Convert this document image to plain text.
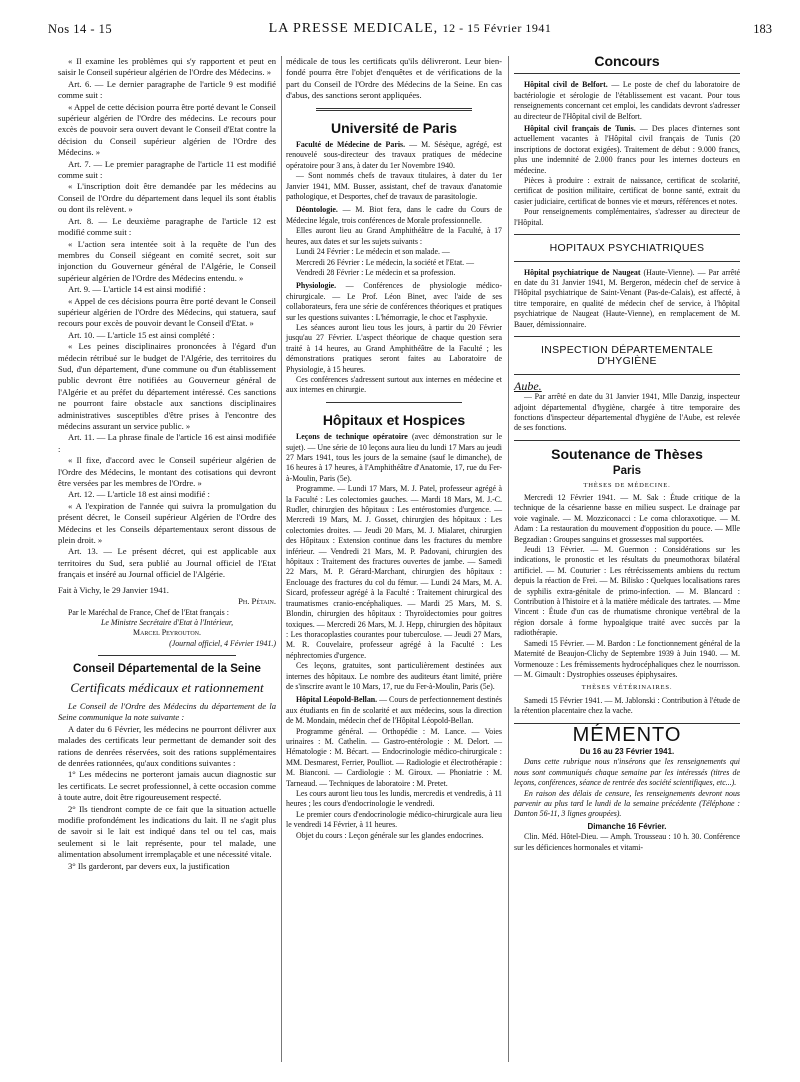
Nos 14 - 15	LA PRESSE MEDICALE, 12 - 15 Février 1941	183

« Il examine les problèmes qui s'y rapportent et peut en saisir le Conseil supérieur algérien de l'Ordre des Médecins. »

Art. 6. — Le dernier paragraphe de l'article 9 est modifié comme suit :

« Appel de cette décision pourra être porté devant le Conseil supérieur algérien de l'Ordre des médecins. Le recours pour excès de pouvoir sera ouvert devant le Conseil d'Etat contre la décision du Conseil supérieur algérien de l'Ordre des Médecins. »

Art. 7. — Le premier paragraphe de l'article 11 est modifié comme suit :

« L'inscription doit être demandée par les médecins au Conseil de l'Ordre du département dans lequel ils sont établis ou dont ils relèvent. »

Art. 8. — Le deuxième paragraphe de l'article 12 est modifié comme suit :

« L'action sera intentée soit à la requête de l'un des membres du Conseil siégeant en comité secret, soit sur injonction du Gouverneur général de l'Algérie, le Conseil supérieur algérien de l'Ordre des Médecins entendu. »

Art. 9. — L'article 14 est ainsi modifié :

« Appel de ces décisions pourra être porté devant le Conseil supérieur algérien de l'Ordre des Médecins, qui statuera, sauf recours pour excès de pouvoir devant le Conseil d'Etat. »

Art. 10. — L'article 15 est ainsi complété :

« Les peines disciplinaires prononcées à l'égard d'un médecin rétribué sur le budget de l'Algérie, des territoires du Sud, d'un département, d'une commune ou d'un établissement public devront être notifiées au Gouverneur général de l'Algérie et au préfet du département intéressé. Ces sanctions ne pourront faire obstacle aux sanctions disciplinaires administratives susceptibles d'être prises à l'encontre des médecins assurant un service public. »

Art. 11. — La phrase finale de l'article 16 est ainsi modifiée :

« Il fixe, d'accord avec le Conseil supérieur algérien de l'Ordre des Médecins, le montant des cotisations qui devront être versées par les membres de l'Ordre. »

Art. 12. — L'article 18 est ainsi modifié :

« A l'expiration de l'année qui suivra la promulgation du présent décret, le Conseil supérieur Algérien de l'Ordre des Médecins et les Conseils départementaux seront dissous de plein droit. »

Art. 13. — Le présent décret, qui est applicable aux territoires du Sud, sera publié au Journal officiel de l'Etat français et inséré au Journal officiel de l'Algérie.

Fait à Vichy, le 29 Janvier 1941.

Ph. Pétain.

Par le Maréchal de France, Chef de l'Etat français :

Le Ministre Secrétaire d'Etat à l'Intérieur,

Marcel Peyrouton.

(Journal officiel, 4 Février 1941.)

Conseil Départemental de la Seine
Certificats médicaux et rationnement

Le Conseil de l'Ordre des Médecins du département de la Seine communique la note suivante :

A dater du 6 Février, les médecins ne pourront délivrer aux malades des certificats leur permettant de demander soit des rations de denrées réservées, soit des rations supplémentaires de denrées rationnées, qu'aux conditions suivantes :

1° Les médecins ne porteront jamais aucun diagnostic sur les certificats. Le secret professionnel, à cette occasion comme à toute autre, doit être rigoureusement respecté.

2° Ils tiendront compte de ce fait que la situation actuelle modifie profondément les indications du lait. Il ne s'agit plus de savoir si le lait est indiqué dans tel ou tel cas, mais seulement si le lait représente, pour tel malade, une alimentation absolument irremplaçable et une nécessité vitale.

3° Ils garderont, par devers eux, la justification

médicale de tous les certificats qu'ils délivreront. Leur bien-fondé pourra être l'objet d'enquêtes et de vérifications de la part du Conseil de l'Ordre des Médecins de la Seine. En cas d'abus, des sanctions seront appliquées.

Université de Paris

Faculté de Médecine de Paris. — M. Sésèque, agrégé, est renouvelé sous-directeur des travaux pratiques de médecine opératoire pour 3 ans, à dater du 1er Novembre 1940.

— Sont nommés chefs de travaux titulaires, à dater du 1er Janvier 1941, MM. Busser, assistant, chef de travaux d'anatomie pathologique, et Desportes, chef de travaux de parasitologie.

Déontologie. — M. Biot fera, dans le cadre du Cours de Médecine légale, trois conférences de Morale professionnelle.

Elles auront lieu au Grand Amphithéâtre de la Faculté, à 17 heures, aux dates et sur les sujets suivants :

Lundi 24 Février : Le médecin et son malade. —

Mercredi 26 Février : Le médecin, la société et l'Etat. —

Vendredi 28 Février : Le médecin et sa profession.

Physiologie. — Conférences de physiologie médico-chirurgicale. — Le Prof. Léon Binet, avec l'aide de ses collaborateurs, fera une série de conférences théoriques et pratiques sur les questions suivantes : L'hémorragie, le choc et l'asphyxie.

Les séances auront lieu tous les jours, à partir du 20 Février jusqu'au 27 Février. L'aspect théorique de chaque question sera traité à 14 heures, au Grand Amphithéâtre de la Faculté ; les démonstrations pratiques seront faites au Laboratoire de Physiologie, à 15 heures.

Ces conférences s'adressent surtout aux internes en médecine et aux internes en chirurgie.

Hôpitaux et Hospices

Leçons de technique opératoire (avec démonstration sur le sujet). — Une série de 10 leçons aura lieu du lundi 17 Mars au jeudi 27 Mars 1941, tous les jours de la semaine (sauf le dimanche), de 16 heures à 17 heures, à l'Amphithéâtre d'Anatomie, 17, rue du Fer-à-Moulin, Paris (5e).

Programme. — Lundi 17 Mars, M. J. Patel, professeur agrégé à la Faculté : Les colectomies gauches. — Mardi 18 Mars, M. J.-C. Rudler, chirurgien des hôpitaux : Les entérostomies d'urgence. — Mercredi 19 Mars, M. J. Gosset, chirurgien des hôpitaux : Les colectomies droites. — Jeudi 20 Mars, M. J. Mialaret, chirurgien des Hôpitaux : Extension continue dans les fractures du membre inférieur. — Vendredi 21 Mars, M. P. Padovani, chirurgien des hôpitaux : Traitement des fractures ouvertes de jambe. — Samedi 22 Mars, M. P. Gérard-Marchant, chirurgien des hôpitaux : Enclouage des fractures du col du fémur. — Lundi 24 Mars, M. A. Sicard, professeur agrégé à la Faculté : Traitement chirurgical des traumatismes cranio-encéphaliques. — Mardi 25 Mars, M. S. Blondin, chirurgien des hôpitaux : Thyroïdectomies pour goitres toxiques. — Mercredi 26 Mars, M. J. Hepp, chirurgien des hôpitaux : Les thoracoplasties courantes pour tuberculose. — Jeudi 27 Mars, M. R. Couvelaire, professeur agrégé à la Faculté : Les néphrectomies d'urgence.

Ces leçons, gratuites, sont particulièrement destinées aux internes des hôpitaux. Le nombre des auditeurs étant limité, prière de s'inscrire avant le 10 Mars, 17, rue du Fer-à-Moulin, Paris (5e).

Hôpital Léopold-Bellan. — Cours de perfectionnement destinés aux étudiants en fin de scolarité et aux médecins, sous la direction de M. Mondain, médecin chef de l'Hôpital Léopold-Bellan.

Programme général. — Orthopédie : M. Lance. — Voies urinaires : M. Cathelin. — Gastro-entérologie : M. Delort. — Hématologie : M. Bécart. — Endocrinologie médico-chirurgicale : MM. Desmarest, Ferrier, Poulliot. — Radiologie et électrothérapie : M. Bianconi. — Cardiologie : M. Giroux. — Phoniatrie : M. Tarneaud. — Techniques de laboratoire : M. Pretet.

Les cours auront lieu tous les lundis, mercredis et vendredis, à 11 heures ; les cours d'endocrinologie le vendredi.

Le premier cours d'endocrinologie médico-chirurgicale aura lieu le vendredi 14 Février, à 11 heures.

Objet du cours : Leçon générale sur les glandes endocrines.

Concours

Hôpital civil de Belfort. — Le poste de chef du laboratoire de bactériologie et sérologie de l'établissement est vacant. Pour tous renseignements concernant cet emploi, les candidats devront s'adresser au directeur de l'Hôpital civil de Belfort.

Hôpital civil français de Tunis. — Des places d'internes sont actuellement vacantes à l'Hôpital civil français de Tunis (20 inscriptions de doctorat exigées). Traitement de début : 9.000 francs, plus une indemnité de 2.000 francs pour les internes docteurs en médecine.

Pièces à produire : extrait de naissance, certificat de scolarité, certificat de position militaire, certificat de bonne santé, extrait du casier judiciaire, certificat de bonnes vie et mœurs, références et notes.

Pour renseignements complémentaires, s'adresser au directeur de l'Hôpital.

HOPITAUX PSYCHIATRIQUES

Hôpital psychiatrique de Naugeat (Haute-Vienne). — Par arrêté en date du 31 Janvier 1941, M. Bergeron, médecin chef de service à l'Hôpital psychiatrique de Saint-Venant (Pas-de-Calais), est affecté, à titre temporaire, en qualité de médecin chef de service, à l'hôpital psychiatrique de Naugeat (Haute-Vienne), en remplacement de M. Bauer, démissionnaire.

INSPECTION DÉPARTEMENTALE D'HYGIÈNE
Aube.

— Par arrêté en date du 31 Janvier 1941, Mlle Danzig, inspecteur adjoint départemental d'hygiène, chargée à titre temporaire des fonctions d'inspecteur départemental d'hygiène de l'Aube, est relevée de ses fonctions.

Soutenance de Thèses
Paris
THÈSES DE MÉDECINE.

Mercredi 12 Février 1941. — M. Sak : Étude critique de la technique de la césarienne basse en milieu suspect. Le drainage par voie vaginale. — M. Mozziconacci : Le coma chloraxotique. — M. Adam : La restauration du mouvement d'opposition du pouce. — Mlle Begzadian : Groupes sanguins et grossesses mal supportées.

Jeudi 13 Février. — M. Guermon : Considérations sur les indications, le pronostic et les résultats du pneumothorax bilatéral artificiel. — M. Couturier : Les rétrécissements ambiens du rectum depuis la réaction de Frei. — M. Bilisko : Quelques localisations rares de syphilis extra-génitale de primo-infection. — M. Blancard : Contribution à l'histoire et à la matière médicale des tartrates. — Mme Vincent : Étude d'un cas de rhumatisme chronique vertébral de la région dorsale à forme hypoalgique traité avec succès par la radiothérapie.

Samedi 15 Février. — M. Bardon : Le fonctionnement général de la Maternité de Beaujon-Clichy de Septembre 1939 à Juin 1940. — M. Vormenouze : Les frémissements hydrocéphaliques chez le nourrisson. — M. Gimault : Dystrophies osseuses épiphysaires.

THÈSES VÉTÉRINAIRES.

Samedi 15 Février 1941. — M. Jablonski : Contribution à l'étude de la rétention placentaire chez la vache.

MÉMENTO

Du 16 au 23 Février 1941.

Dans cette rubrique nous n'insérons que les renseignements qui nous sont communiqués chaque semaine par les intéressés (titres de leçons, conférences, séance de rentrée des société scientifiques, etc...).

En raison des délais de censure, les renseignements devront nous parvenir au plus tard le lundi de la semaine précédente (Téléphone : Danton 56-11, 3 lignes groupées).

Dimanche 16 Février.

Clin. Méd. Hôtel-Dieu. — Amph. Trousseau : 10 h. 30. Conférence sur les déficiences hormonales et vitami-
